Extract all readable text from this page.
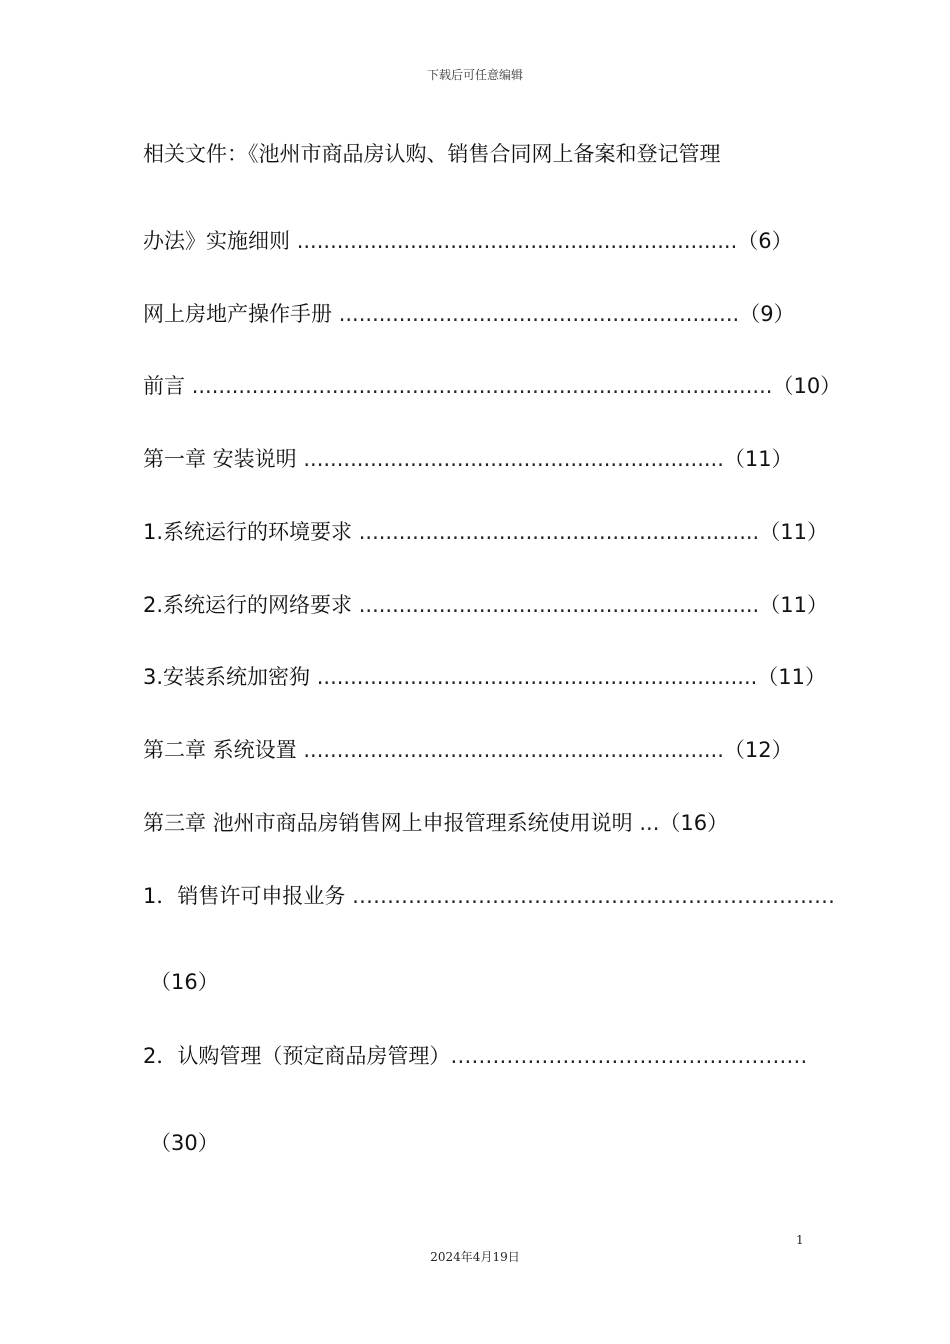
下载后可任意编辑
相关文件：《池州市商品房认购、销售合同网上备案和登记管理
办法》实施细则 ..................................................................（6）
网上房地产操作手册 ............................................................（9）
前言 .......................................................................................（10）
第一章 安装说明 ...............................................................（11）
1.系统运行的环境要求 ............................................................（11）
2.系统运行的网络要求 ............................................................（11）
3.安装系统加密狗 ..................................................................（11）
第二章 系统设置 ...............................................................（12）
第三章 池州市商品房销售网上申报管理系统使用说明 ...（16）
1．销售许可申报业务 ……………………………………………………………
（16）
2．认购管理（预定商品房管理）……………………………………………
（30）
1
2024年4月19日
